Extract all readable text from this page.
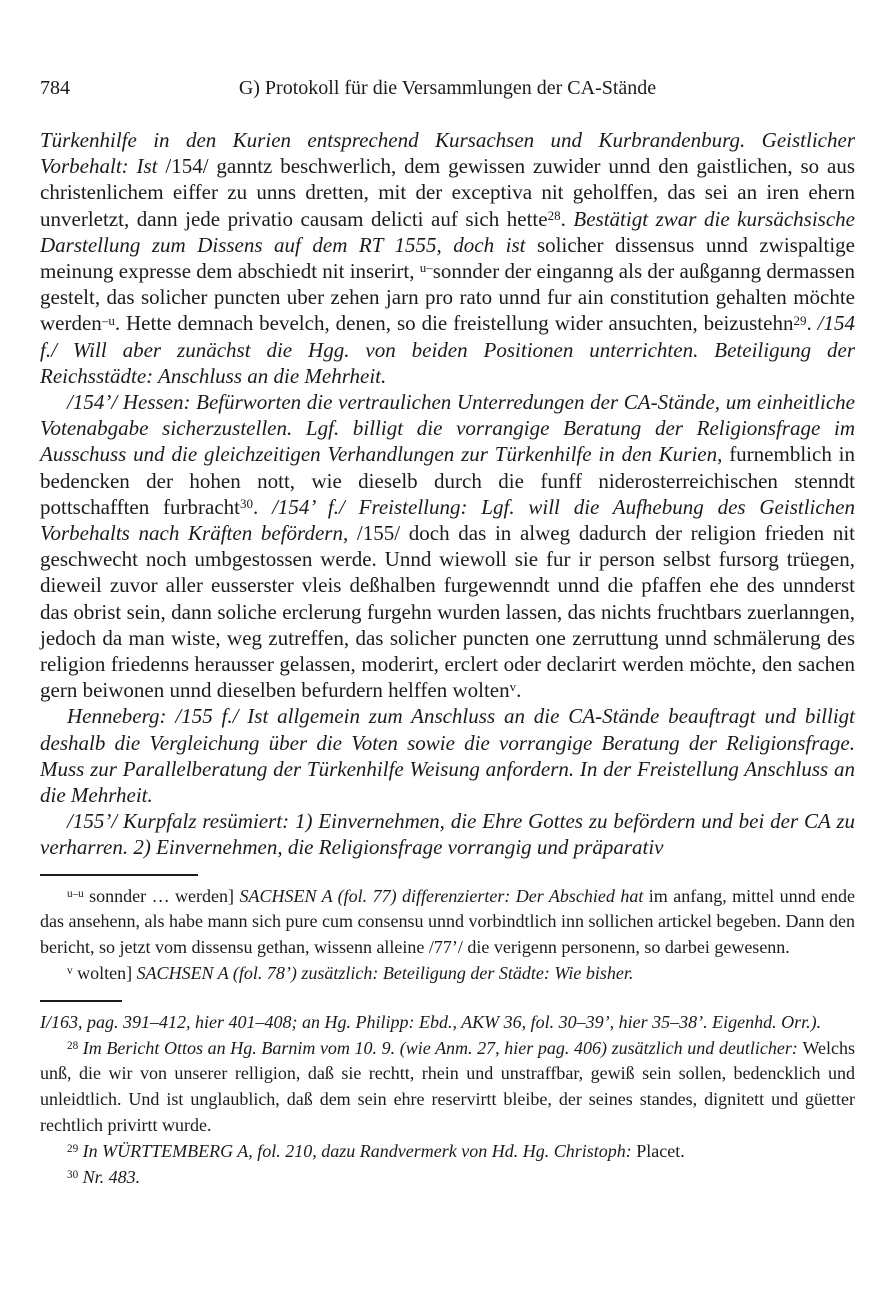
784	G) Protokoll für die Versammlungen der CA-Stände

Türkenhilfe in den Kurien entsprechend Kursachsen und Kurbrandenburg. Geistlicher Vorbehalt: Ist /154/ ganntz beschwerlich, dem gewissen zuwider unnd den gaistlichen, so aus christenlichem eiffer zu unns dretten, mit der exceptiva nit geholffen, das sei an iren ehern unverletzt, dann jede privatio causam delicti auf sich hette$^{28}$. Bestätigt zwar die kursächsische Darstellung zum Dissens auf dem RT 1555, doch ist solicher dissensus unnd zwispaltige meinung expresse dem abschiedt nit inserirt, $^{u-}$sonnder der einganng als der außganng dermassen gestelt, das solicher puncten uber zehen jarn pro rato unnd fur ain constitution gehalten möchte werden$^{-u}$. Hette demnach bevelch, denen, so die freistellung wider ansuchten, beizustehn$^{29}$. /154 f./ Will aber zunächst die Hgg. von beiden Positionen unterrichten. Beteiligung der Reichsstädte: Anschluss an die Mehrheit.

/154’/ Hessen: Befürworten die vertraulichen Unterredungen der CA-Stände, um einheitliche Votenabgabe sicherzustellen. Lgf. billigt die vorrangige Beratung der Religionsfrage im Ausschuss und die gleichzeitigen Verhandlungen zur Türkenhilfe in den Kurien, furnemblich in bedencken der hohen nott, wie dieselb durch die funff niderosterreichischen stenndt pottschafften furbracht$^{30}$. /154’ f./ Freistellung: Lgf. will die Aufhebung des Geistlichen Vorbehalts nach Kräften befördern, /155/ doch das in alweg dadurch der religion frieden nit geschwecht noch umbgestossen werde. Unnd wiewoll sie fur ir person selbst fursorg trüegen, dieweil zuvor aller eusserster vleis deßhalben furgewenndt unnd die pfaffen ehe des unnderst das obrist sein, dann soliche erclerung furgehn wurden lassen, das nichts fruchtbars zuerlanngen, jedoch da man wiste, weg zutreffen, das solicher puncten one zerruttung unnd schmälerung des religion friedenns herausser gelassen, moderirt, erclert oder declarirt werden möchte, den sachen gern beiwonen unnd dieselben befurdern helffen wolten$^v$.

Henneberg: /155 f./ Ist allgemein zum Anschluss an die CA-Stände beauftragt und billigt deshalb die Vergleichung über die Voten sowie die vorrangige Beratung der Religionsfrage. Muss zur Parallelberatung der Türkenhilfe Weisung anfordern. In der Freistellung Anschluss an die Mehrheit.

/155’/ Kurpfalz resümiert: 1) Einvernehmen, die Ehre Gottes zu befördern und bei der CA zu verharren. 2) Einvernehmen, die Religionsfrage vorrangig und präparativ

$^{u-u}$ sonnder … werden] SACHSEN A (fol. 77) differenzierter: Der Abschied hat im anfang, mittel unnd ende das ansehenn, als habe mann sich pure cum consensu unnd vorbindtlich inn sollichen artickel begeben. Dann den bericht, so jetzt vom dissensu gethan, wissenn alleine /77’/ die verigenn personenn, so darbei gewesenn.

$^v$ wolten] SACHSEN A (fol. 78’) zusätzlich: Beteiligung der Städte: Wie bisher.

I/163, pag. 391–412, hier 401–408; an Hg. Philipp: Ebd., AKW 36, fol. 30–39’, hier 35–38’. Eigenhd. Orr.).

$^{28}$ Im Bericht Ottos an Hg. Barnim vom 10. 9. (wie Anm. 27, hier pag. 406) zusätzlich und deutlicher: Welchs unß, die wir von unserer relligion, daß sie rechtt, rhein und unstraffbar, gewiß sein sollen, bedencklich und unleidtlich. Und ist unglaublich, daß dem sein ehre reservirtt bleibe, der seines standes, dignitett und güetter rechtlich privirtt wurde.

$^{29}$ In WÜRTTEMBERG A, fol. 210, dazu Randvermerk von Hd. Hg. Christoph: Placet.

$^{30}$ Nr. 483.
